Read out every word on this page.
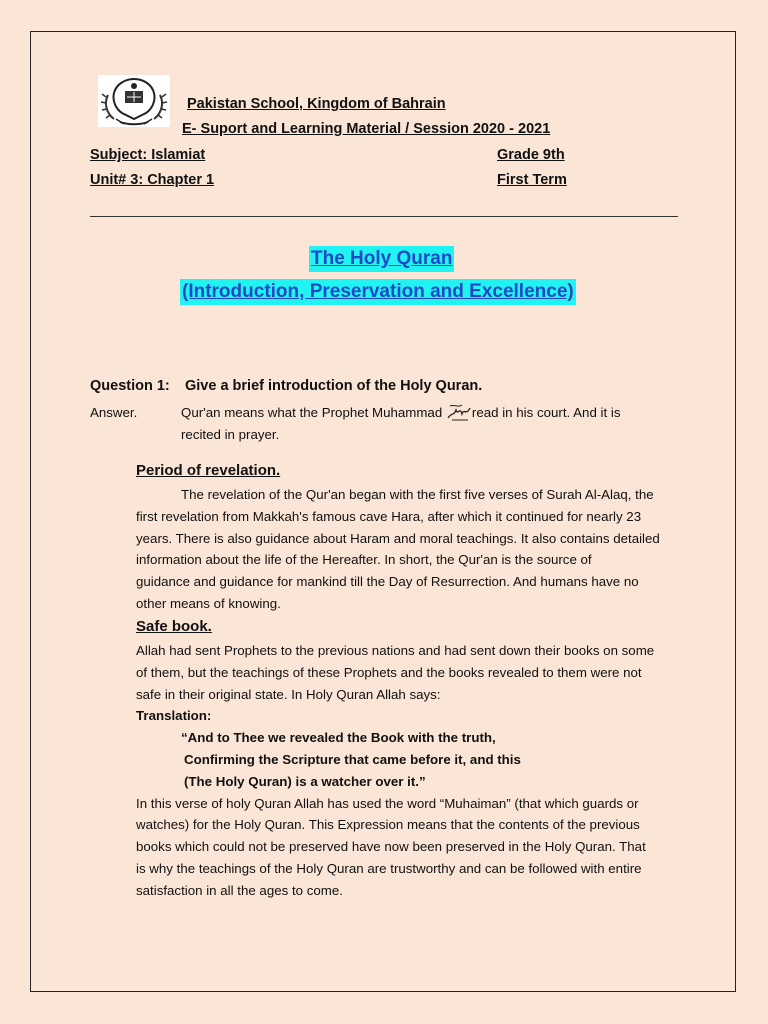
Pakistan School, Kingdom of Bahrain
E- Suport and Learning Material / Session 2020 - 2021
Subject: Islamiat	Grade 9th
Unit# 3: Chapter 1	First Term
The Holy Quran
(Introduction, Preservation and Excellence)
Question 1: Give a brief introduction of the Holy Quran.
Answer.	Qur'an means what the Prophet Muhammad read in his court. And it is
recited in prayer.
Period of revelation.

The revelation of the Qur'an began with the first five verses of Surah Al-Alaq, the

first revelation from Makkah's famous cave Hara, after which it continued for nearly 23

years. There is also guidance about Haram and moral teachings. It also contains detailed

information about the life of the Hereafter. In short, the Qur'an is the source of

guidance and guidance for mankind till the Day of Resurrection. And humans have no

other means of knowing.

Safe book.

Allah had sent Prophets to the previous nations and had sent down their books on some

of them, but the teachings of these Prophets and the books revealed to them were not

safe in their original state. In Holy Quran Allah says:

Translation:

“And to Thee we revealed the Book with the truth,

Confirming the Scripture that came before it, and this

(The Holy Quran) is a watcher over it.”

In this verse of holy Quran Allah has used the word “Muhaiman” (that which guards or

watches) for the Holy Quran. This Expression means that the contents of the previous

books which could not be preserved have now been preserved in the Holy Quran. That

is why the teachings of the Holy Quran are trustworthy and can be followed with entire

satisfaction in all the ages to come.
